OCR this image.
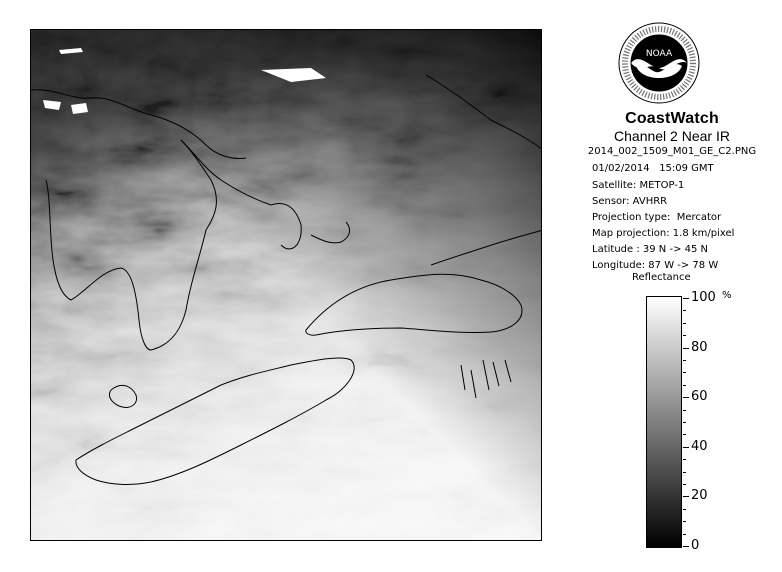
NOAA
CoastWatch
Channel 2 Near IR
2014_002_1509_M01_GE_C2.PNG
01/02/2014 15:09 GMT
Satellite: METOP-1
Sensor: AVHRR
Projection type: Mercator
Map projection: 1.8 km/pixel
Latitude : 39 N -> 45 N
Longitude: 87 W -> 78 W
Reflectance
%
100
80
60
40
20
0
